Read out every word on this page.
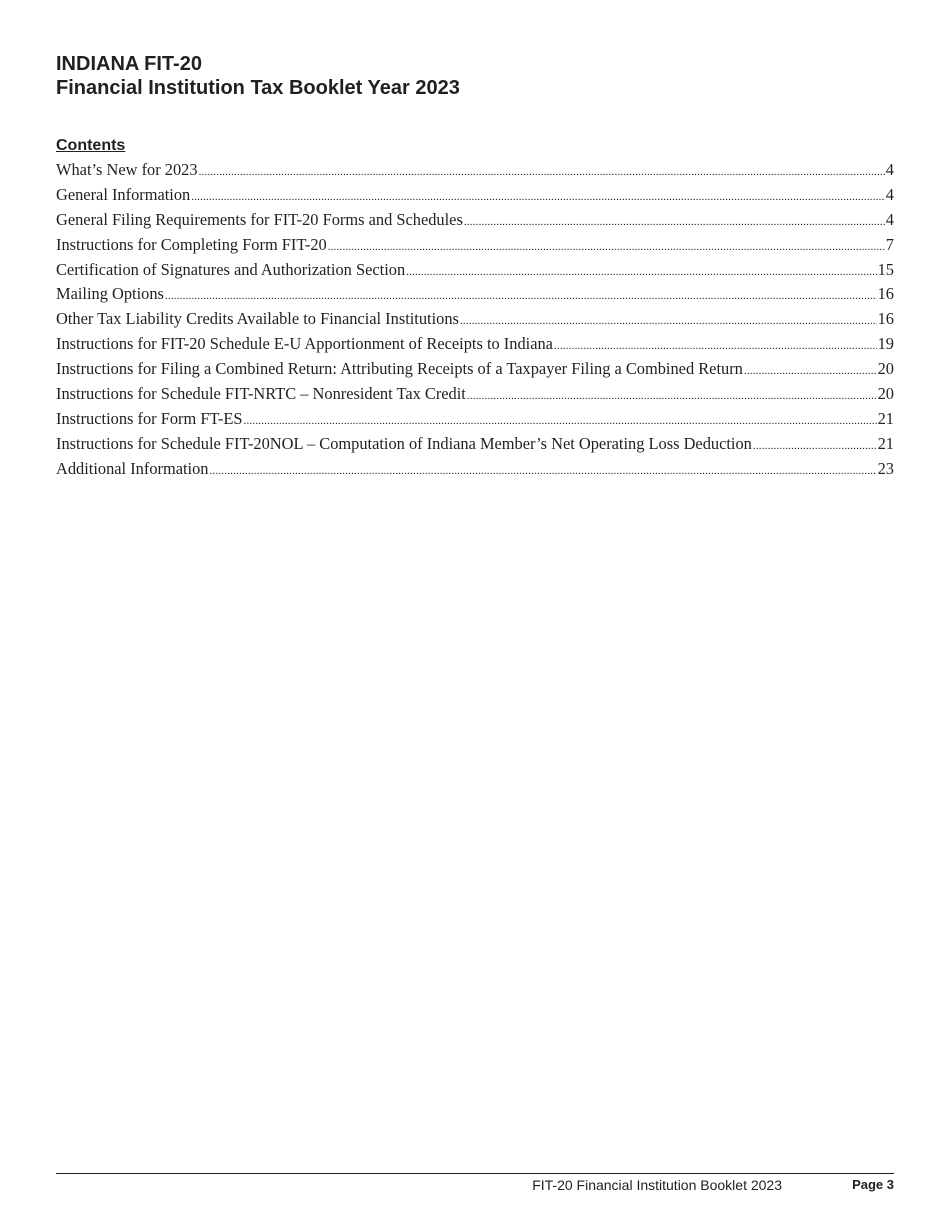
INDIANA FIT-20
Financial Institution Tax Booklet Year 2023
Contents
What’s New for 2023 .....	4
General Information .....	4
General Filing Requirements for FIT-20 Forms and Schedules .....	4
Instructions for Completing Form FIT-20 .....	7
Certification of Signatures and Authorization Section .....	15
Mailing Options .....	16
Other Tax Liability Credits Available to Financial Institutions .....	16
Instructions for FIT-20 Schedule E-U Apportionment of Receipts to Indiana .....	19
Instructions for Filing a Combined Return: Attributing Receipts of a Taxpayer Filing a Combined Return .....	20
Instructions for Schedule FIT-NRTC – Nonresident Tax Credit .....	20
Instructions for Form FT-ES .....	21
Instructions for Schedule FIT-20NOL – Computation of Indiana Member’s Net Operating Loss Deduction .....	21
Additional Information .....	23
FIT-20 Financial Institution Booklet 2023	Page 3
